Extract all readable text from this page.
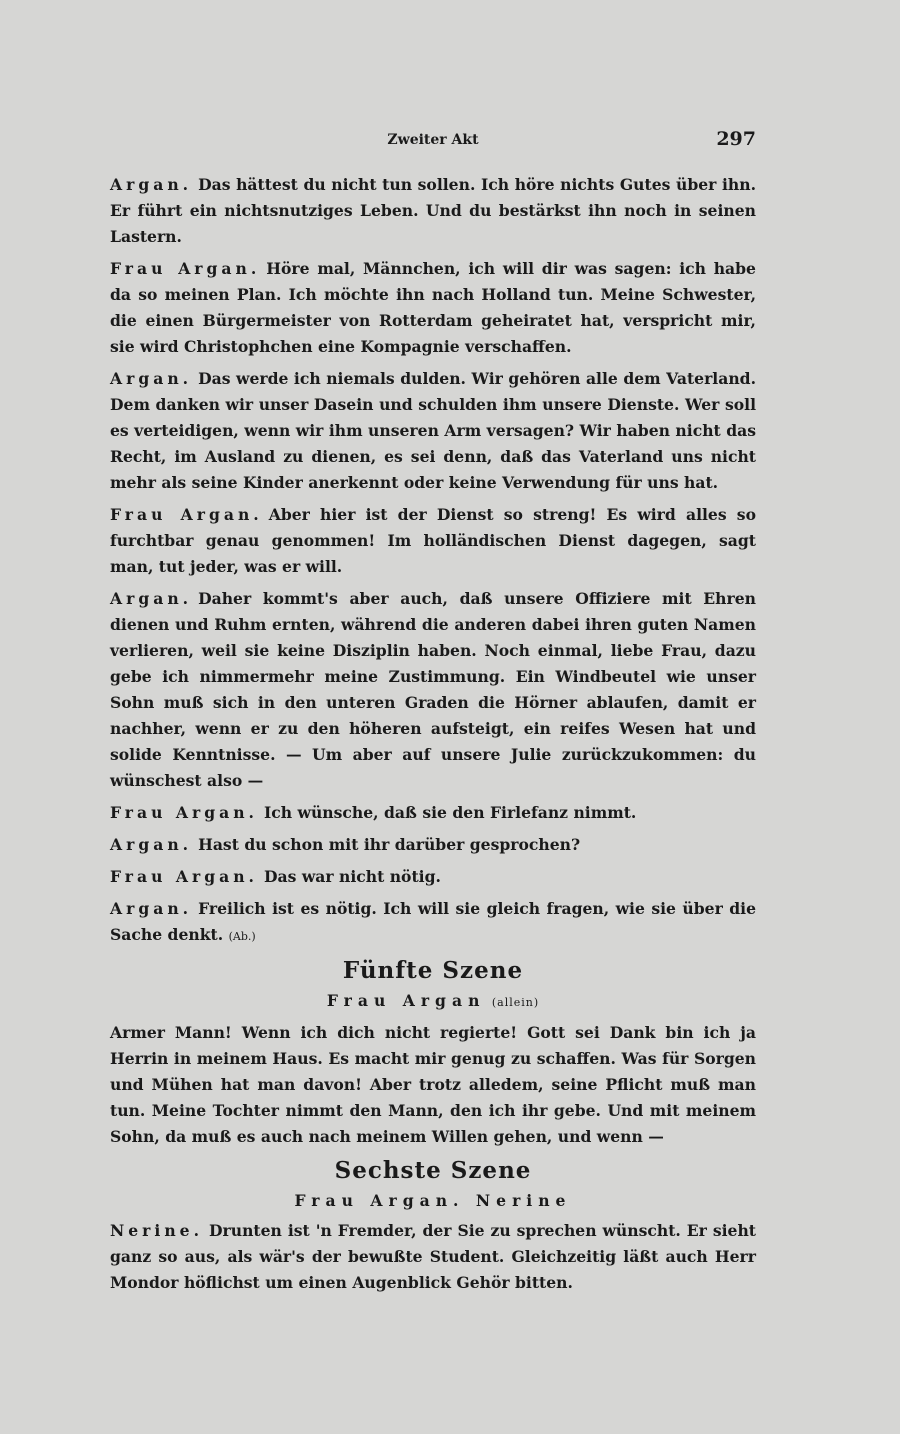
Zweiter Akt	297

Argan. Das hättest du nicht tun sollen. Ich höre nichts Gutes über ihn. Er führt ein nichtsnutziges Leben. Und du bestärkst ihn noch in seinen Lastern.

Frau Argan. Höre mal, Männchen, ich will dir was sagen: ich habe da so meinen Plan. Ich möchte ihn nach Holland tun. Meine Schwester, die einen Bürgermeister von Rotterdam geheiratet hat, verspricht mir, sie wird Christophchen eine Kompagnie verschaffen.

Argan. Das werde ich niemals dulden. Wir gehören alle dem Vaterland. Dem danken wir unser Dasein und schulden ihm unsere Dienste. Wer soll es verteidigen, wenn wir ihm unseren Arm versagen? Wir haben nicht das Recht, im Ausland zu dienen, es sei denn, daß das Vaterland uns nicht mehr als seine Kinder anerkennt oder keine Verwendung für uns hat.

Frau Argan. Aber hier ist der Dienst so streng! Es wird alles so furchtbar genau genommen! Im holländischen Dienst dagegen, sagt man, tut jeder, was er will.

Argan. Daher kommt's aber auch, daß unsere Offiziere mit Ehren dienen und Ruhm ernten, während die anderen dabei ihren guten Namen verlieren, weil sie keine Disziplin haben. Noch einmal, liebe Frau, dazu gebe ich nimmermehr meine Zustimmung. Ein Windbeutel wie unser Sohn muß sich in den unteren Graden die Hörner ablaufen, damit er nachher, wenn er zu den höheren aufsteigt, ein reifes Wesen hat und solide Kenntnisse. — Um aber auf unsere Julie zurückzukommen: du wünschest also —

Frau Argan. Ich wünsche, daß sie den Firlefanz nimmt.

Argan. Hast du schon mit ihr darüber gesprochen?

Frau Argan. Das war nicht nötig.

Argan. Freilich ist es nötig. Ich will sie gleich fragen, wie sie über die Sache denkt. (Ab.)

Fünfte Szene
Frau Argan (allein)

Armer Mann! Wenn ich dich nicht regierte! Gott sei Dank bin ich ja Herrin in meinem Haus. Es macht mir genug zu schaffen. Was für Sorgen und Mühen hat man davon! Aber trotz alledem, seine Pflicht muß man tun. Meine Tochter nimmt den Mann, den ich ihr gebe. Und mit meinem Sohn, da muß es auch nach meinem Willen gehen, und wenn —

Sechste Szene
Frau Argan. Nerine

Nerine. Drunten ist 'n Fremder, der Sie zu sprechen wünscht. Er sieht ganz so aus, als wär's der bewußte Student. Gleichzeitig läßt auch Herr Mondor höflichst um einen Augenblick Gehör bitten.
